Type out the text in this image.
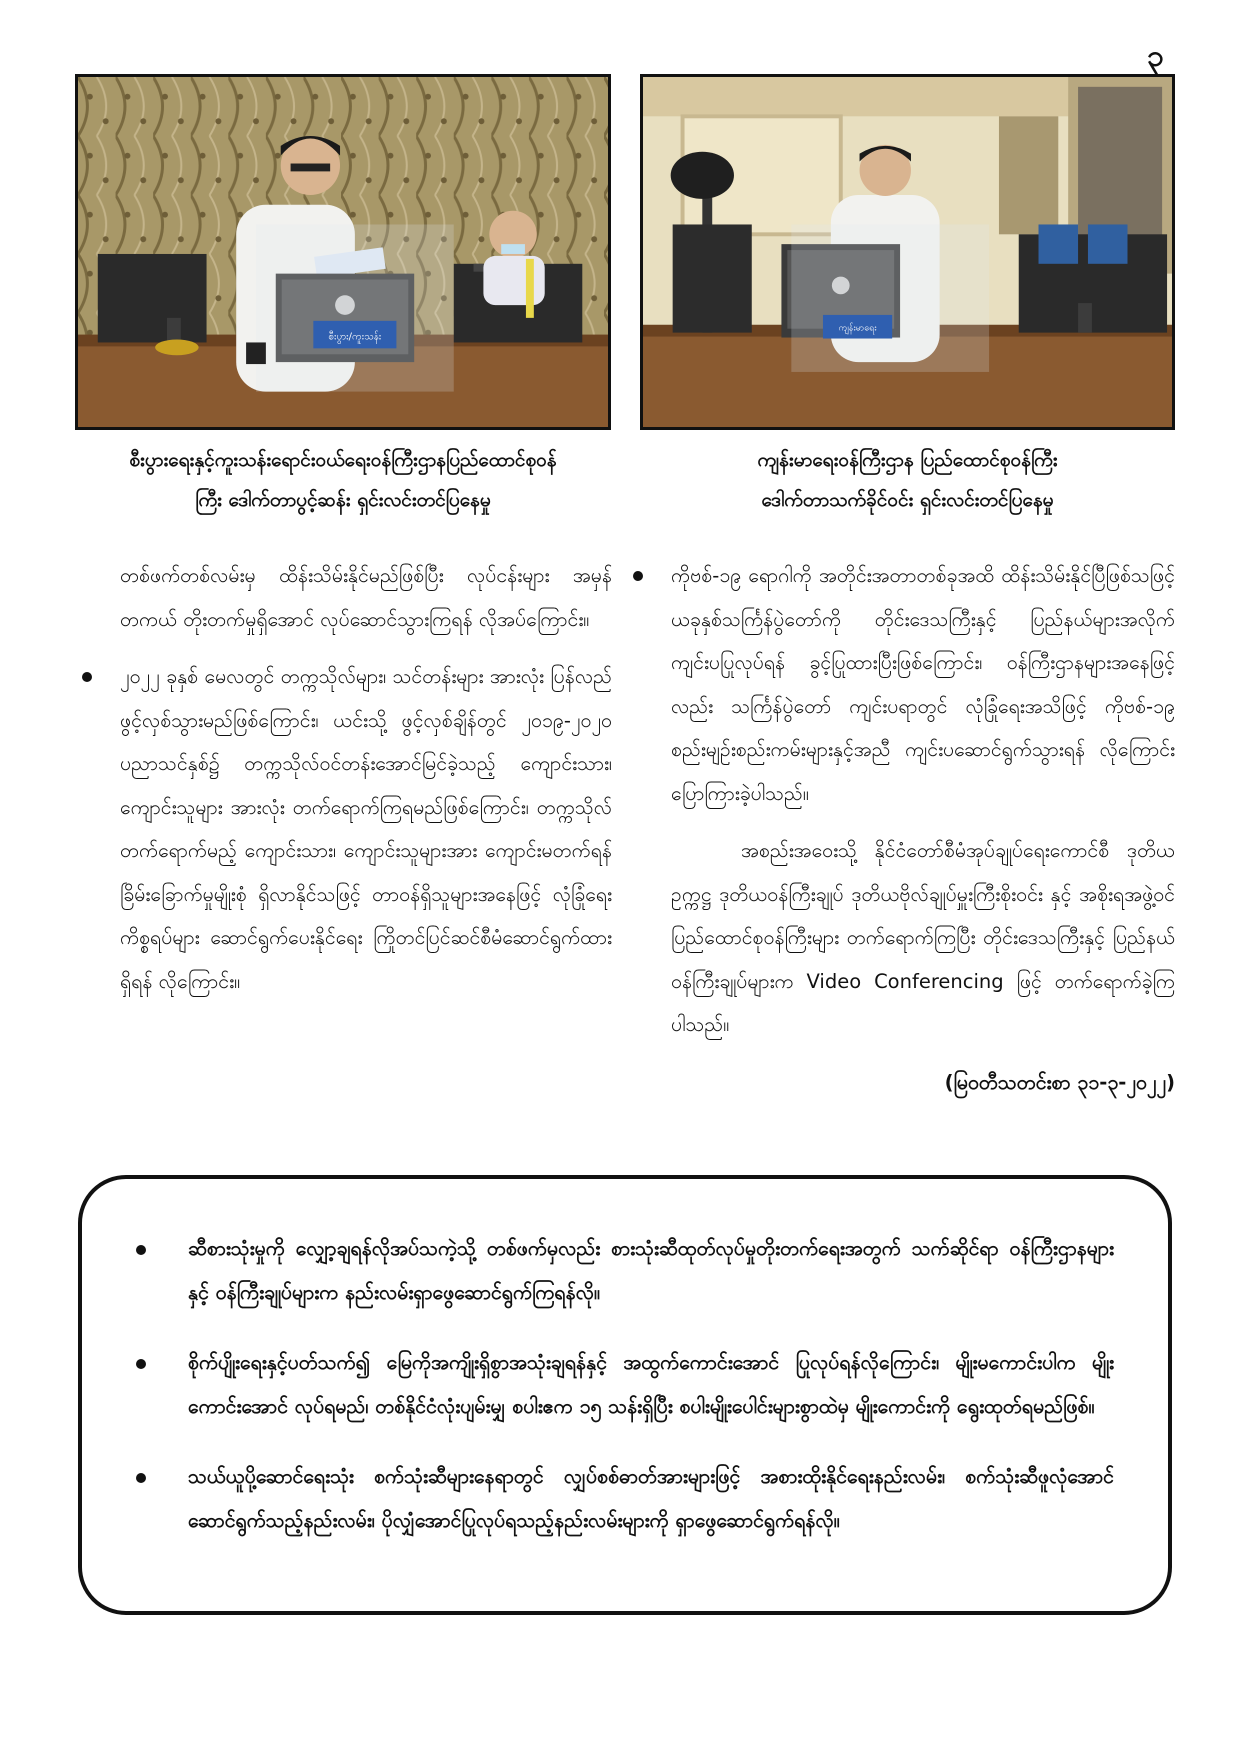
၃
စီးပွား/ကူးသန်း
ကျန်းမာရေး
စီးပွားရေးနှင့်ကူးသန်းရောင်းဝယ်ရေးဝန်ကြီးဌာနပြည်ထောင်စုဝန်
ကြီး ဒေါက်တာပွင့်ဆန်း ရှင်းလင်းတင်ပြနေမှု
ကျန်းမာရေးဝန်ကြီးဌာန ပြည်ထောင်စုဝန်ကြီး
ဒေါက်တာသက်ခိုင်ဝင်း ရှင်းလင်းတင်ပြနေမှု

တစ်ဖက်တစ်လမ်းမှ ထိန်းသိမ်းနိုင်မည်ဖြစ်ပြီး လုပ်ငန်းများ အမှန်တကယ် တိုးတက်မှုရှိအောင် လုပ်ဆောင်သွားကြရန် လိုအပ်ကြောင်း။

၂၀၂၂ ခုနှစ် မေလတွင် တက္ကသိုလ်များ၊ သင်တန်းများ အားလုံး ပြန်လည်ဖွင့်လှစ်သွားမည်ဖြစ်ကြောင်း၊ ယင်းသို့ ဖွင့်လှစ်ချိန်တွင် ၂၀၁၉-၂၀၂၀ ပညာသင်နှစ်၌ တက္ကသိုလ်ဝင်တန်းအောင်မြင်ခဲ့သည့် ကျောင်းသား၊ ကျောင်းသူများ အားလုံး တက်ရောက်ကြရမည်ဖြစ်ကြောင်း၊ တက္ကသိုလ်တက်ရောက်မည့် ကျောင်းသား၊ ကျောင်းသူများအား ကျောင်းမတက်ရန် ခြိမ်းခြောက်မှုမျိုးစုံ ရှိလာနိုင်သဖြင့် တာဝန်ရှိသူများအနေဖြင့် လုံခြုံရေးကိစ္စရပ်များ ဆောင်ရွက်ပေးနိုင်ရေး ကြိုတင်ပြင်ဆင်စီမံဆောင်ရွက်ထားရှိရန် လိုကြောင်း။
ကိုဗစ်-၁၉ ရောဂါကို အတိုင်းအတာတစ်ခုအထိ ထိန်းသိမ်းနိုင်ပြီဖြစ်သဖြင့် ယခုနှစ်သင်္ကြန်ပွဲတော်ကို တိုင်းဒေသကြီးနှင့် ပြည်နယ်များအလိုက် ကျင်းပပြုလုပ်ရန် ခွင့်ပြုထားပြီးဖြစ်ကြောင်း၊ ဝန်ကြီးဌာနများအနေဖြင့်လည်း သင်္ကြန်ပွဲတော် ကျင်းပရာတွင် လုံခြုံရေးအသိဖြင့် ကိုဗစ်-၁၉ စည်းမျဉ်းစည်းကမ်းများနှင့်အညီ ကျင်းပဆောင်ရွက်သွားရန် လိုကြောင်း ပြောကြားခဲ့ပါသည်။

အစည်းအဝေးသို့ နိုင်ငံတော်စီမံအုပ်ချုပ်ရေးကောင်စီ ဒုတိယဥက္ကဋ္ဌ ဒုတိယဝန်ကြီးချုပ် ဒုတိယဗိုလ်ချုပ်မှူးကြီးစိုးဝင်း နှင့် အစိုးရအဖွဲ့ဝင် ပြည်ထောင်စုဝန်ကြီးများ တက်ရောက်ကြပြီး တိုင်းဒေသကြီးနှင့် ပြည်နယ်ဝန်ကြီးချုပ်များက Video Conferencing ဖြင့် တက်ရောက်ခဲ့ကြပါသည်။

(မြဝတီသတင်းစာ ၃၁-၃-၂၀၂၂)
ဆီစားသုံးမှုကို လျှော့ချရန်လိုအပ်သကဲ့သို့ တစ်ဖက်မှလည်း စားသုံးဆီထုတ်လုပ်မှုတိုးတက်ရေးအတွက် သက်ဆိုင်ရာ ဝန်ကြီးဌာနများနှင့် ဝန်ကြီးချုပ်များက နည်းလမ်းရှာဖွေဆောင်ရွက်ကြရန်လို။
စိုက်ပျိုးရေးနှင့်ပတ်သက်၍ မြေကိုအကျိုးရှိစွာအသုံးချရန်နှင့် အထွက်ကောင်းအောင် ပြုလုပ်ရန်လိုကြောင်း၊ မျိုးမကောင်းပါက မျိုးကောင်းအောင် လုပ်ရမည်၊ တစ်နိုင်ငံလုံးပျမ်းမျှ စပါးဧက ၁၅ သန်းရှိပြီး စပါးမျိုးပေါင်းများစွာထဲမှ မျိုးကောင်းကို ရွေးထုတ်ရမည်ဖြစ်။
သယ်ယူပို့ဆောင်ရေးသုံး စက်သုံးဆီများနေရာတွင် လျှပ်စစ်ဓာတ်အားများဖြင့် အစားထိုးနိုင်ရေးနည်းလမ်း၊ စက်သုံးဆီဖူလုံအောင် ဆောင်ရွက်သည့်နည်းလမ်း၊ ပိုလျှံအောင်ပြုလုပ်ရသည့်နည်းလမ်းများကို ရှာဖွေဆောင်ရွက်ရန်လို။
